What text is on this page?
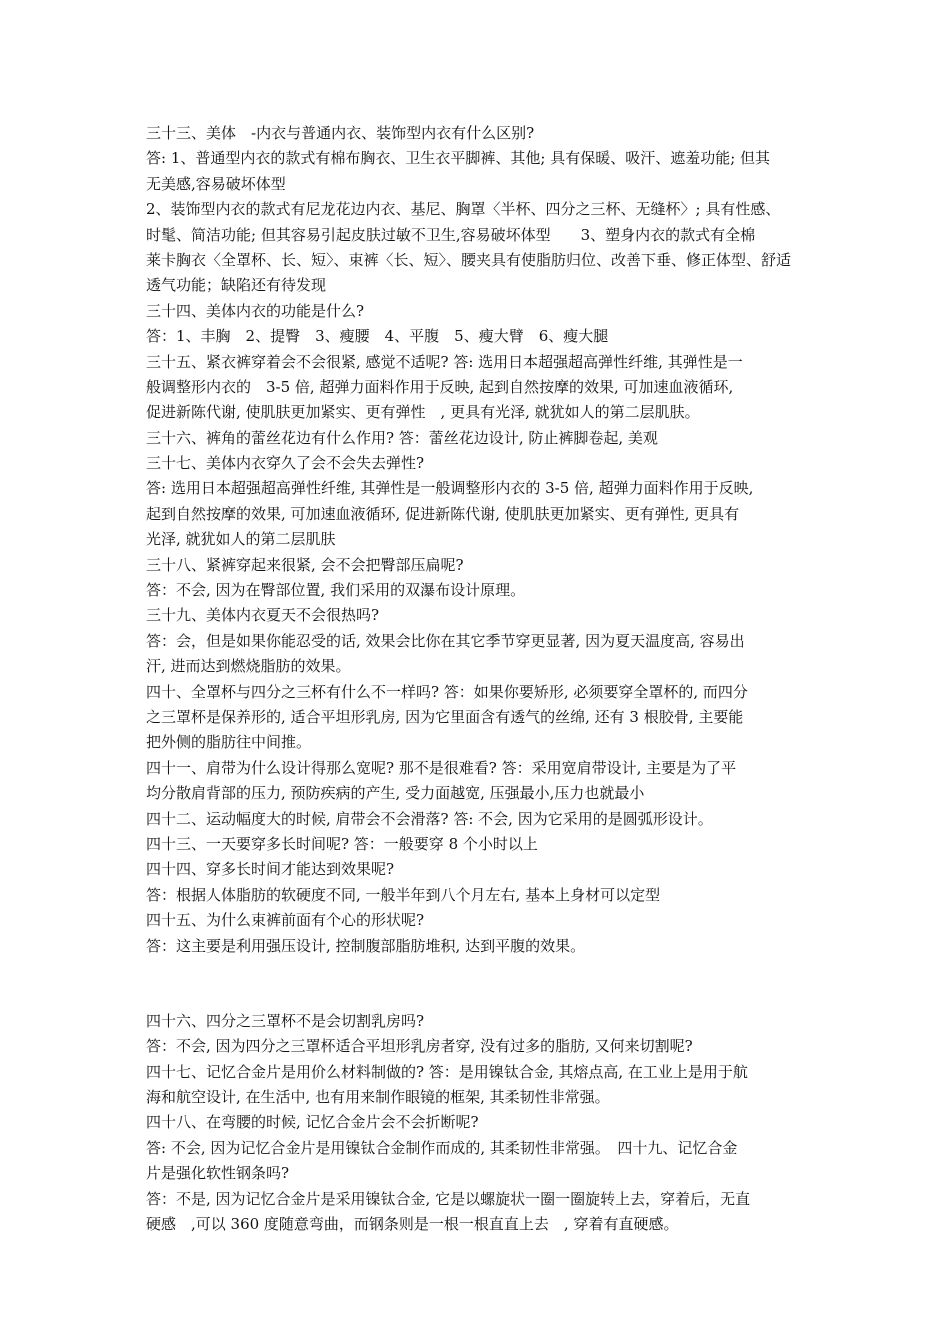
三十三、美体　-内衣与普通内衣、装饰型内衣有什么区别?
答: 1、普通型内衣的款式有棉布胸衣、卫生衣平脚裤、其他; 具有保暖、吸汗、遮羞功能; 但其
无美感,容易破坏体型
2、装饰型内衣的款式有尼龙花边内衣、基尼、胸罩〈半杯、四分之三杯、无缝杯〉; 具有性感、
时髦、简洁功能; 但其容易引起皮肤过敏不卫生,容易破坏体型　　3、塑身内衣的款式有全棉
莱卡胸衣〈全罩杯、长、短〉、束裤〈长、短〉、腰夹具有使脂肪归位、改善下垂、修正体型、舒适
透气功能；缺陷还有待发现
三十四、美体内衣的功能是什么?
答：1、丰胸　2、提臀　3、瘦腰　4、平腹　5、瘦大臂　6、瘦大腿
三十五、紧衣裤穿着会不会很紧, 感觉不适呢? 答: 选用日本超强超高弹性纤维, 其弹性是一
般调整形内衣的　3-5 倍, 超弹力面料作用于反映, 起到自然按摩的效果, 可加速血液循环,
促进新陈代谢, 使肌肤更加紧实、更有弹性　, 更具有光泽, 就犹如人的第二层肌肤。
三十六、裤角的蕾丝花边有什么作用? 答：蕾丝花边设计, 防止裤脚卷起, 美观
三十七、美体内衣穿久了会不会失去弹性?
答: 选用日本超强超高弹性纤维, 其弹性是一般调整形内衣的 3-5 倍, 超弹力面料作用于反映,
起到自然按摩的效果, 可加速血液循环, 促进新陈代谢, 使肌肤更加紧实、更有弹性, 更具有
光泽, 就犹如人的第二层肌肤
三十八、紧裤穿起来很紧, 会不会把臀部压扁呢?
答：不会, 因为在臀部位置, 我们采用的双瀑布设计原理。
三十九、美体内衣夏天不会很热吗?
答：会，但是如果你能忍受的话, 效果会比你在其它季节穿更显著, 因为夏天温度高, 容易出
汗, 进而达到燃烧脂肪的效果。
四十、全罩杯与四分之三杯有什么不一样吗? 答：如果你要矫形, 必须要穿全罩杯的, 而四分
之三罩杯是保养形的, 适合平坦形乳房, 因为它里面含有透气的丝绵, 还有 3 根胶骨, 主要能
把外侧的脂肪往中间推。
四十一、肩带为什么设计得那么宽呢? 那不是很难看? 答：采用宽肩带设计, 主要是为了平
均分散肩背部的压力, 预防疾病的产生, 受力面越宽, 压强最小,压力也就最小
四十二、运动幅度大的时候, 肩带会不会滑落? 答: 不会, 因为它采用的是圆弧形设计。
四十三、一天要穿多长时间呢? 答：一般要穿 8 个小时以上
四十四、穿多长时间才能达到效果呢?
答：根据人体脂肪的软硬度不同, 一般半年到八个月左右, 基本上身材可以定型
四十五、为什么束裤前面有个心的形状呢?
答：这主要是利用强压设计, 控制腹部脂肪堆积, 达到平腹的效果。
四十六、四分之三罩杯不是会切割乳房吗?
答：不会, 因为四分之三罩杯适合平坦形乳房者穿, 没有过多的脂肪, 又何来切割呢?
四十七、记忆合金片是用价么材料制做的? 答：是用镍钛合金, 其熔点高, 在工业上是用于航
海和航空设计, 在生活中, 也有用来制作眼镜的框架, 其柔韧性非常强。
四十八、在弯腰的时候, 记忆合金片会不会折断呢?
答: 不会, 因为记忆合金片是用镍钛合金制作而成的, 其柔韧性非常强。　四十九、记忆合金
片是强化软性钢条吗?
答：不是, 因为记忆合金片是采用镍钛合金, 它是以螺旋状一圈一圈旋转上去，穿着后，无直
硬感　,可以 360 度随意弯曲，而钢条则是一根一根直直上去　, 穿着有直硬感。
